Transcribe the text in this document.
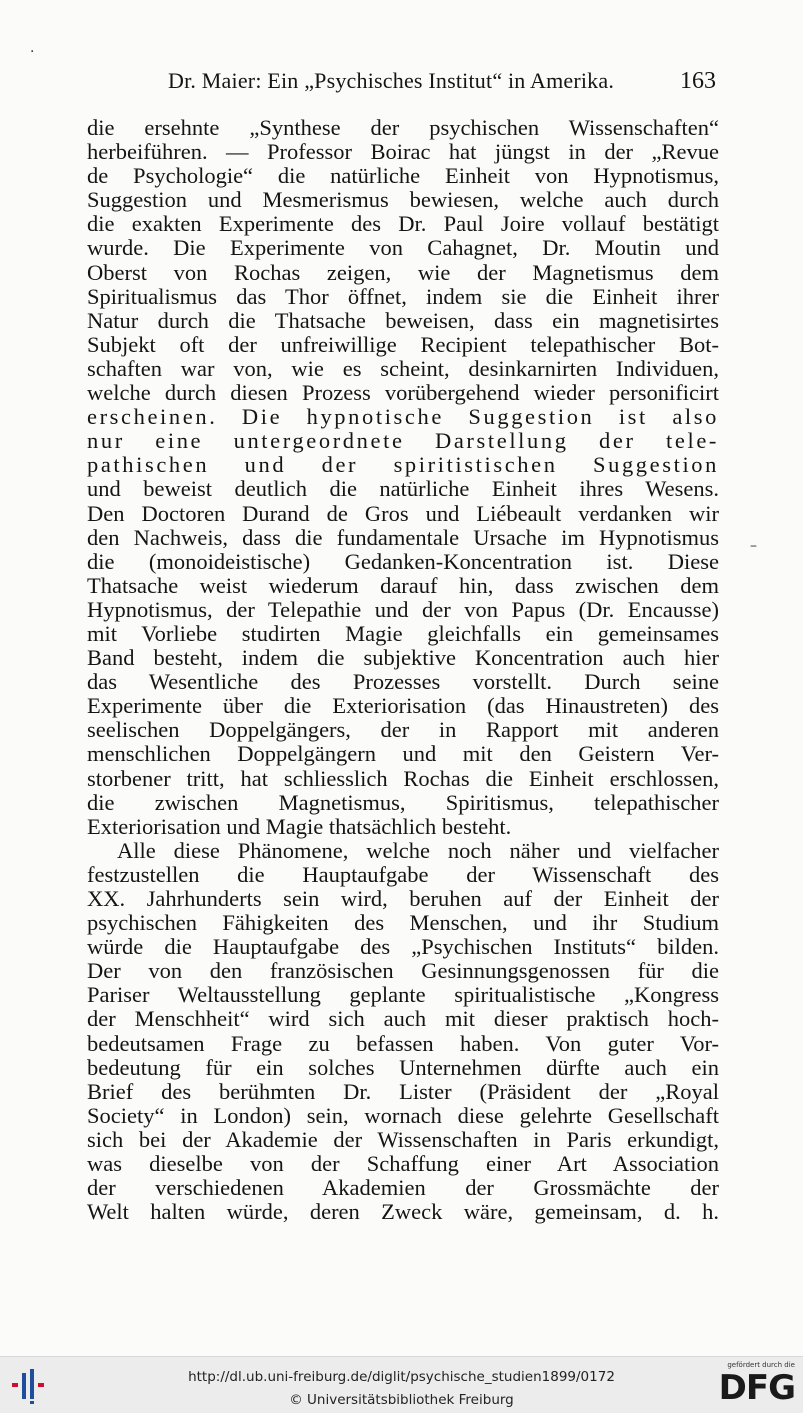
·
–
Dr. Maier: Ein „Psychisches Institut“ in Amerika.	163
die ersehnte „Synthese der psychischen Wissenschaften“
herbeiführen. — Professor Boirac hat jüngst in der „Revue
de Psychologie“ die natürliche Einheit von Hypnotismus,
Suggestion und Mesmerismus bewiesen, welche auch durch
die exakten Experimente des Dr. Paul Joire vollauf bestätigt
wurde. Die Experimente von Cahagnet, Dr. Moutin und
Oberst von Rochas zeigen, wie der Magnetismus dem
Spiritualismus das Thor öffnet, indem sie die Einheit ihrer
Natur durch die Thatsache beweisen, dass ein magnetisirtes
Subjekt oft der unfreiwillige Recipient telepathischer Bot-
schaften war von, wie es scheint, desinkarnirten Individuen,
welche durch diesen Prozess vorübergehend wieder personificirt
erscheinen. Die hypnotische Suggestion ist also
nur eine untergeordnete Darstellung der tele-
pathischen und der spiritistischen Suggestion
und beweist deutlich die natürliche Einheit ihres Wesens.
Den Doctoren Durand de Gros und Liébeault verdanken wir
den Nachweis, dass die fundamentale Ursache im Hypnotismus
die (monoideistische) Gedanken-Koncentration ist. Diese
Thatsache weist wiederum darauf hin, dass zwischen dem
Hypnotismus, der Telepathie und der von Papus (Dr. Encausse)
mit Vorliebe studirten Magie gleichfalls ein gemeinsames
Band besteht, indem die subjektive Koncentration auch hier
das Wesentliche des Prozesses vorstellt. Durch seine
Experimente über die Exteriorisation (das Hinaustreten) des
seelischen Doppelgängers, der in Rapport mit anderen
menschlichen Doppelgängern und mit den Geistern Ver-
storbener tritt, hat schliesslich Rochas die Einheit erschlossen,
die zwischen Magnetismus, Spiritismus, telepathischer
Exteriorisation und Magie thatsächlich besteht.
Alle diese Phänomene, welche noch näher und vielfacher
festzustellen die Hauptaufgabe der Wissenschaft des
XX. Jahrhunderts sein wird, beruhen auf der Einheit der
psychischen Fähigkeiten des Menschen, und ihr Studium
würde die Hauptaufgabe des „Psychischen Instituts“ bilden.
Der von den französischen Gesinnungsgenossen für die
Pariser Weltausstellung geplante spiritualistische „Kongress
der Menschheit“ wird sich auch mit dieser praktisch hoch-
bedeutsamen Frage zu befassen haben. Von guter Vor-
bedeutung für ein solches Unternehmen dürfte auch ein
Brief des berühmten Dr. Lister (Präsident der „Royal
Society“ in London) sein, wornach diese gelehrte Gesellschaft
sich bei der Akademie der Wissenschaften in Paris erkundigt,
was dieselbe von der Schaffung einer Art Association
der verschiedenen Akademien der Grossmächte der
Welt halten würde, deren Zweck wäre, gemeinsam, d. h.
http://dl.ub.uni-freiburg.de/diglit/psychische_studien1899/0172
© Universitätsbibliothek Freiburg
gefördert durch die
DFG
